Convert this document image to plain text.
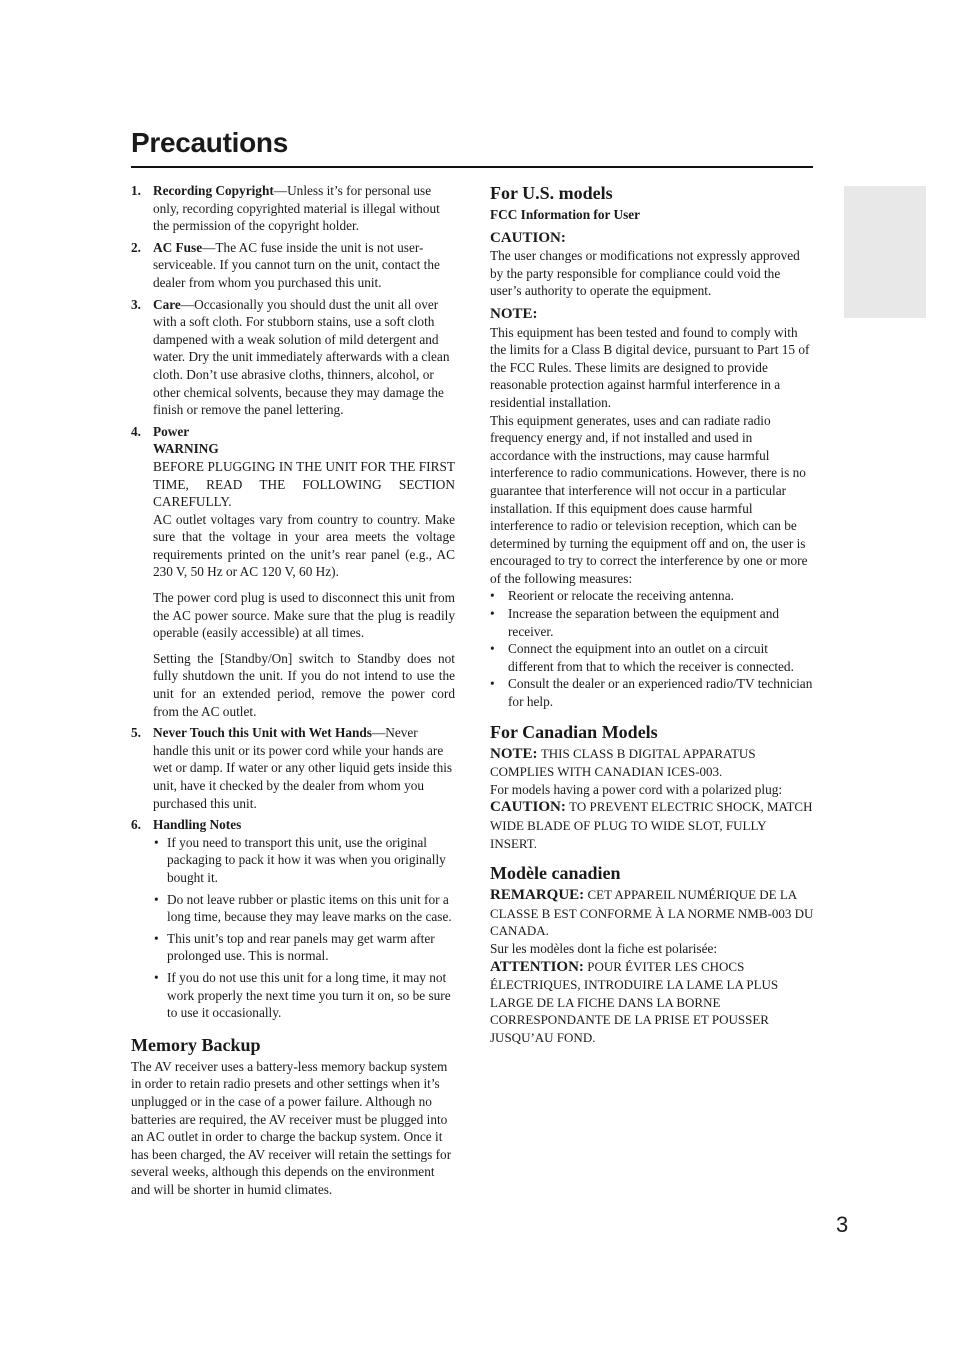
Precautions
1. Recording Copyright—Unless it’s for personal use only, recording copyrighted material is illegal without the permission of the copyright holder.

2. AC Fuse—The AC fuse inside the unit is not user-serviceable. If you cannot turn on the unit, contact the dealer from whom you purchased this unit.

3. Care—Occasionally you should dust the unit all over with a soft cloth. For stubborn stains, use a soft cloth dampened with a weak solution of mild detergent and water. Dry the unit immediately afterwards with a clean cloth. Don’t use abrasive cloths, thinners, alcohol, or other chemical solvents, because they may damage the finish or remove the panel lettering.

4. Power

WARNING

BEFORE PLUGGING IN THE UNIT FOR THE FIRST TIME, READ THE FOLLOWING SECTION CAREFULLY.

AC outlet voltages vary from country to country. Make sure that the voltage in your area meets the voltage requirements printed on the unit’s rear panel (e.g., AC 230 V, 50 Hz or AC 120 V, 60 Hz).

The power cord plug is used to disconnect this unit from the AC power source. Make sure that the plug is readily operable (easily accessible) at all times.

Setting the [Standby/On] switch to Standby does not fully shutdown the unit. If you do not intend to use the unit for an extended period, remove the power cord from the AC outlet.

5. Never Touch this Unit with Wet Hands—Never handle this unit or its power cord while your hands are wet or damp. If water or any other liquid gets inside this unit, have it checked by the dealer from whom you purchased this unit.

6. Handling Notes

• If you need to transport this unit, use the original packaging to pack it how it was when you originally bought it.
• Do not leave rubber or plastic items on this unit for a long time, because they may leave marks on the case.
• This unit’s top and rear panels may get warm after prolonged use. This is normal.
• If you do not use this unit for a long time, it may not work properly the next time you turn it on, so be sure to use it occasionally.

Memory Backup

The AV receiver uses a battery-less memory backup system in order to retain radio presets and other settings when it’s unplugged or in the case of a power failure. Although no batteries are required, the AV receiver must be plugged into an AC outlet in order to charge the backup system. Once it has been charged, the AV receiver will retain the settings for several weeks, although this depends on the environment and will be shorter in humid climates.

For U.S. models

FCC Information for User

CAUTION:

The user changes or modifications not expressly approved by the party responsible for compliance could void the user’s authority to operate the equipment.

NOTE:

This equipment has been tested and found to comply with the limits for a Class B digital device, pursuant to Part 15 of the FCC Rules. These limits are designed to provide reasonable protection against harmful interference in a residential installation.

This equipment generates, uses and can radiate radio frequency energy and, if not installed and used in accordance with the instructions, may cause harmful interference to radio communications. However, there is no guarantee that interference will not occur in a particular installation. If this equipment does cause harmful interference to radio or television reception, which can be determined by turning the equipment off and on, the user is encouraged to try to correct the interference by one or more of the following measures:

• Reorient or relocate the receiving antenna.
• Increase the separation between the equipment and receiver.
• Connect the equipment into an outlet on a circuit different from that to which the receiver is connected.
• Consult the dealer or an experienced radio/TV technician for help.

For Canadian Models

NOTE: THIS CLASS B DIGITAL APPARATUS COMPLIES WITH CANADIAN ICES-003.

For models having a power cord with a polarized plug:

CAUTION: TO PREVENT ELECTRIC SHOCK, MATCH WIDE BLADE OF PLUG TO WIDE SLOT, FULLY INSERT.

Modèle canadien

REMARQUE: CET APPAREIL NUMÉRIQUE DE LA CLASSE B EST CONFORME À LA NORME NMB-003 DU CANADA.

Sur les modèles dont la fiche est polarisée:

ATTENTION: POUR ÉVITER LES CHOCS ÉLECTRIQUES, INTRODUIRE LA LAME LA PLUS LARGE DE LA FICHE DANS LA BORNE CORRESPONDANTE DE LA PRISE ET POUSSER JUSQU’AU FOND.

3
